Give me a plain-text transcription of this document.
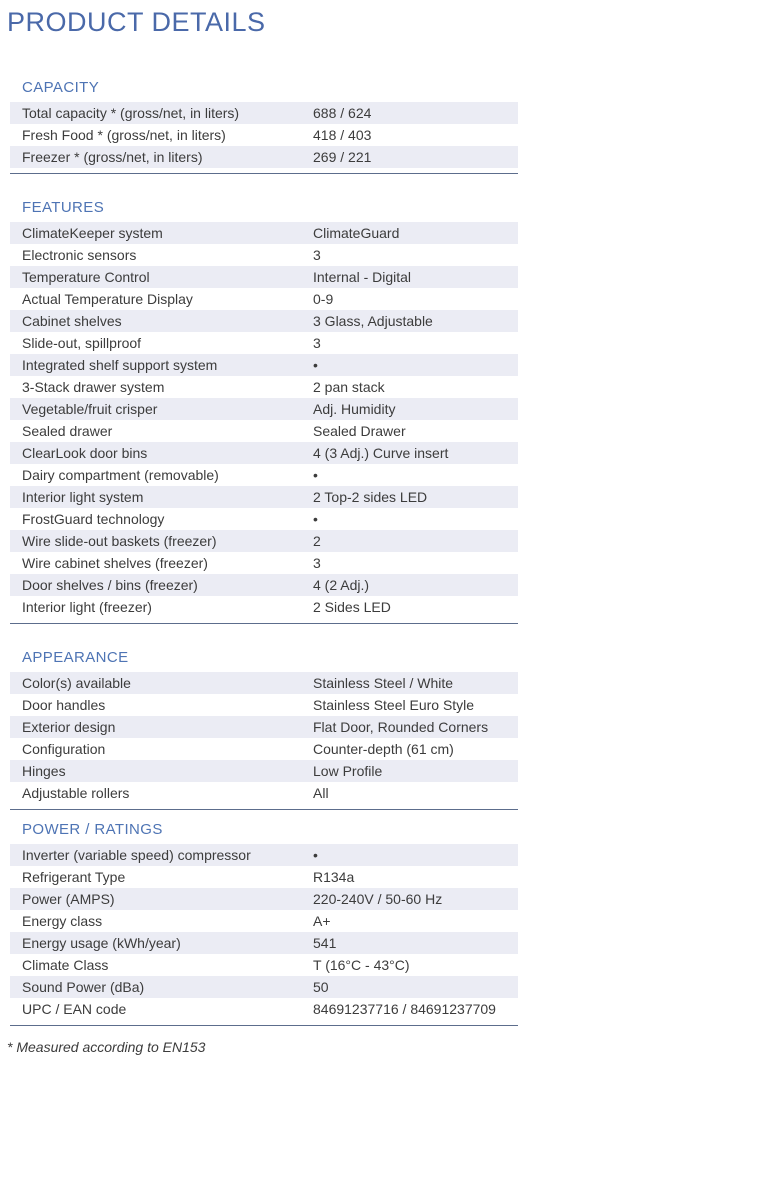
PRODUCT DETAILS
CAPACITY
Total capacity * (gross/net, in liters)	688 / 624
Fresh Food * (gross/net, in liters)	418 / 403
Freezer * (gross/net, in liters)	269 / 221
FEATURES
ClimateKeeper system	ClimateGuard
Electronic sensors	3
Temperature Control	Internal - Digital
Actual Temperature Display	0-9
Cabinet shelves	3 Glass, Adjustable
Slide-out, spillproof	3
Integrated shelf support system	•
3-Stack drawer system	2 pan stack
Vegetable/fruit crisper	Adj. Humidity
Sealed drawer	Sealed Drawer
ClearLook door bins	4 (3 Adj.) Curve insert
Dairy compartment (removable)	•
Interior light system	2 Top-2 sides LED
FrostGuard technology	•
Wire slide-out baskets (freezer)	2
Wire cabinet shelves (freezer)	3
Door shelves / bins (freezer)	4 (2 Adj.)
Interior light (freezer)	2 Sides LED
APPEARANCE
Color(s) available	Stainless Steel / White
Door handles	Stainless Steel Euro Style
Exterior design	Flat Door, Rounded Corners
Configuration	Counter-depth (61 cm)
Hinges	Low Profile
Adjustable rollers	All
POWER / RATINGS
Inverter (variable speed) compressor	•
Refrigerant Type	R134a
Power (AMPS)	220-240V / 50-60 Hz
Energy class	A+
Energy usage (kWh/year)	541
Climate Class	T (16°C - 43°C)
Sound Power (dBa)	50
UPC / EAN code	84691237716 / 84691237709

* Measured according to EN153
